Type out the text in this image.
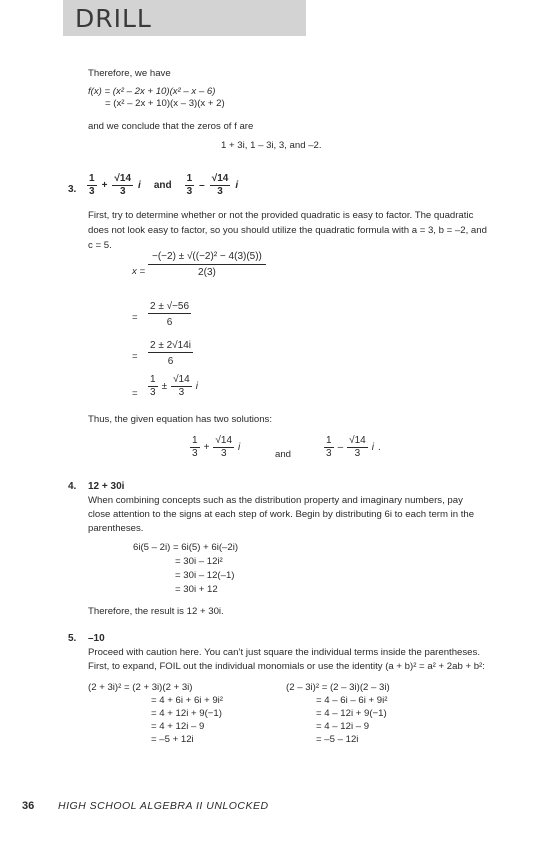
DRILL
Therefore, we have
f(x) = (x² – 2x + 10)(x² – x – 6)
= (x² – 2x + 10)(x – 3)(x + 2)
and we conclude that the zeros of f are
1 + 3i, 1 – 3i, 3, and –2.
3. $\frac{1}{3} + \frac{√14}{3}$ i and $\frac{1}{3} - \frac{√14}{3}$ i
First, try to determine whether or not the provided quadratic is easy to factor. The quadratic
does not look easy to factor, so you should utilize the quadratic formula with a = 3, b = –2, and
c = 5.
$x = \frac{\text{−(−2) ± √((−2)² − 4(3)(5))}}{2(3)}$
= $\frac{2 \pm √-56}{6}$
= $\frac{2 \pm 2√14i}{6}$
= $\frac{1}{3} \pm \frac{√14}{3}$ i
Thus, the given equation has two solutions:
$\frac{1}{3} + \frac{√14}{3}$ i
and	$\frac{1}{3} - \frac{√14}{3}$ i .
4. 12 + 30i
When combining concepts such as the distribution property and imaginary numbers, pay
close attention to the signs at each step of work. Begin by distributing 6i to each term in the
parentheses.
6i(5 – 2i) = 6i(5) + 6i(–2i)
= 30i – 12i²
= 30i – 12(–1)
= 30i + 12
Therefore, the result is 12 + 30i.
5. –10
Proceed with caution here. You can’t just square the individual terms inside the parentheses.
First, to expand, FOIL out the individual monomials or use the identity (a + b)² = a² + 2ab + b²:
(2 + 3i)² = (2 + 3i)(2 + 3i)
= 4 + 6i + 6i + 9i²
= 4 + 12i + 9(−1)
= 4 + 12i – 9
= –5 + 12i
(2 – 3i)² = (2 – 3i)(2 – 3i)
= 4 – 6i – 6i + 9i²
= 4 – 12i + 9(−1)
= 4 – 12i – 9
= –5 – 12i
36 HIGH SCHOOL ALGEBRA II UNLOCKED
